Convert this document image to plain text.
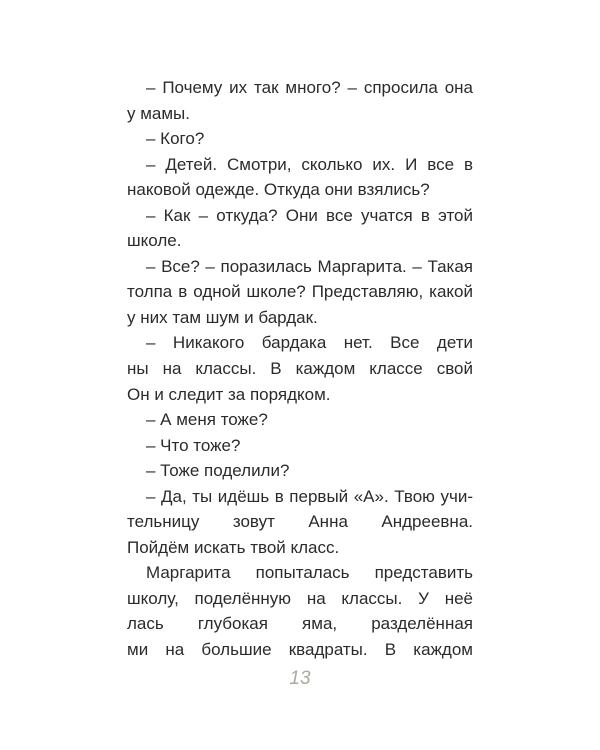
– Почему их так много? – спросила она
у мамы.
– Кого?
– Детей. Смотри, сколько их. И все в
наковой одежде. Откуда они взялись?
– Как – откуда? Они все учатся в этой
школе.
– Все? – поразилась Маргарита. – Такая
толпа в одной школе? Представляю, какой
у них там шум и бардак.
– Никакого бардака нет. Все дети
ны на классы. В каждом классе свой
Он и следит за порядком.
– А меня тоже?
– Что тоже?
– Тоже поделили?
– Да, ты идёшь в первый «А». Твою учи-
тельницу зовут Анна Андреевна.
Пойдём искать твой класс.
Маргарита попыталась представить
школу, поделённую на классы. У неё
лась глубокая яма, разделённая
ми на большие квадраты. В каждом
13
